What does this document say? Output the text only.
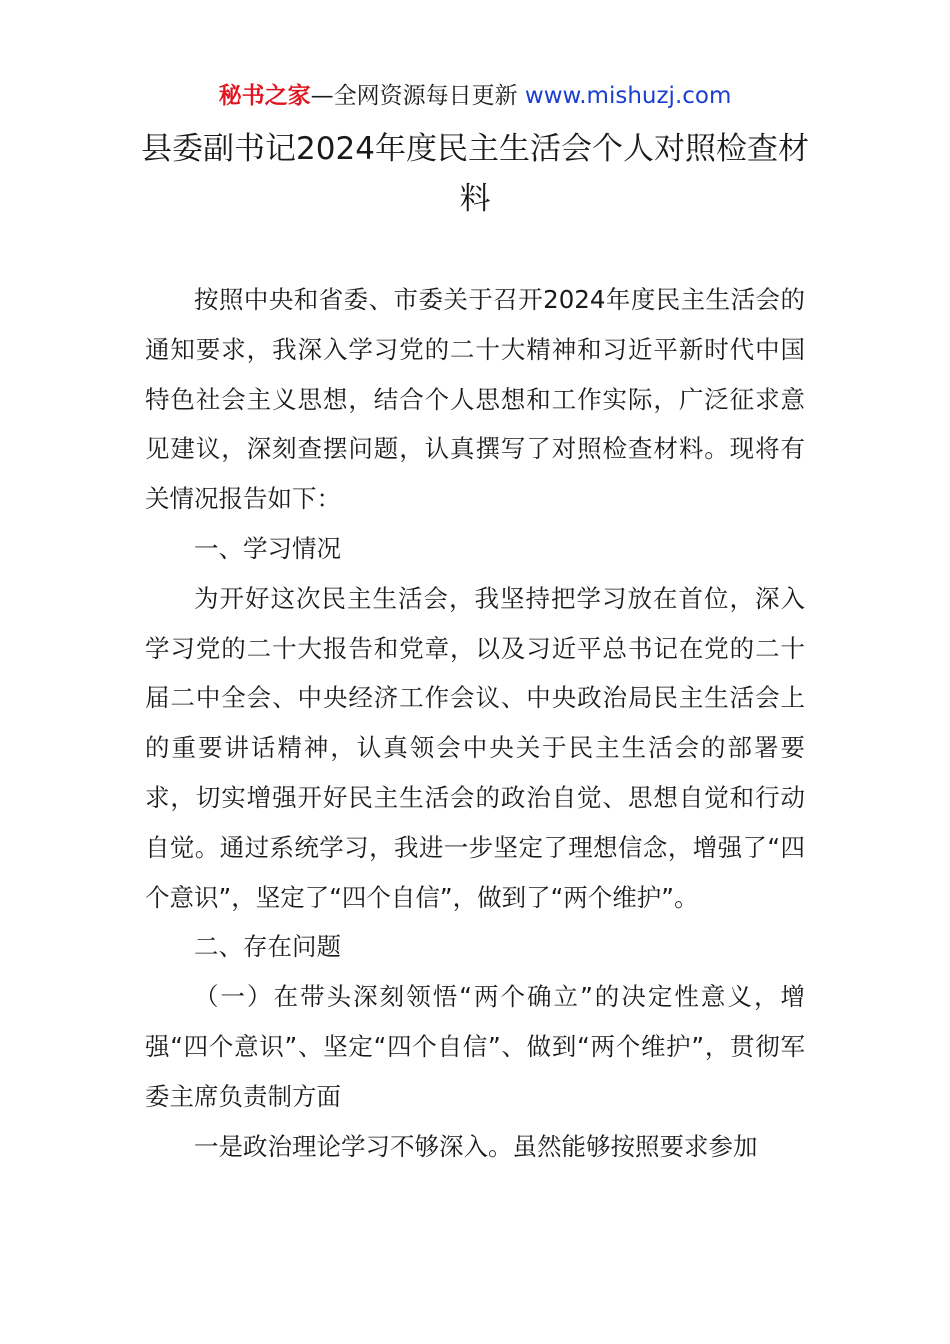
秘书之家—全网资源每日更新 www.mishuzj.com
县委副书记2024年度民主生活会个人对照检查材料

按照中央和省委、市委关于召开2024年度民主生活会的通知要求，我深入学习党的二十大精神和习近平新时代中国特色社会主义思想，结合个人思想和工作实际，广泛征求意见建议，深刻查摆问题，认真撰写了对照检查材料。现将有关情况报告如下：

一、学习情况

为开好这次民主生活会，我坚持把学习放在首位，深入学习党的二十大报告和党章，以及习近平总书记在党的二十届二中全会、中央经济工作会议、中央政治局民主生活会上的重要讲话精神，认真领会中央关于民主生活会的部署要求，切实增强开好民主生活会的政治自觉、思想自觉和行动自觉。通过系统学习，我进一步坚定了理想信念，增强了“四个意识”，坚定了“四个自信”，做到了“两个维护”。

二、存在问题

（一）在带头深刻领悟“两个确立”的决定性意义，增强“四个意识”、坚定“四个自信”、做到“两个维护”，贯彻军委主席负责制方面

一是政治理论学习不够深入。虽然能够按照要求参加
